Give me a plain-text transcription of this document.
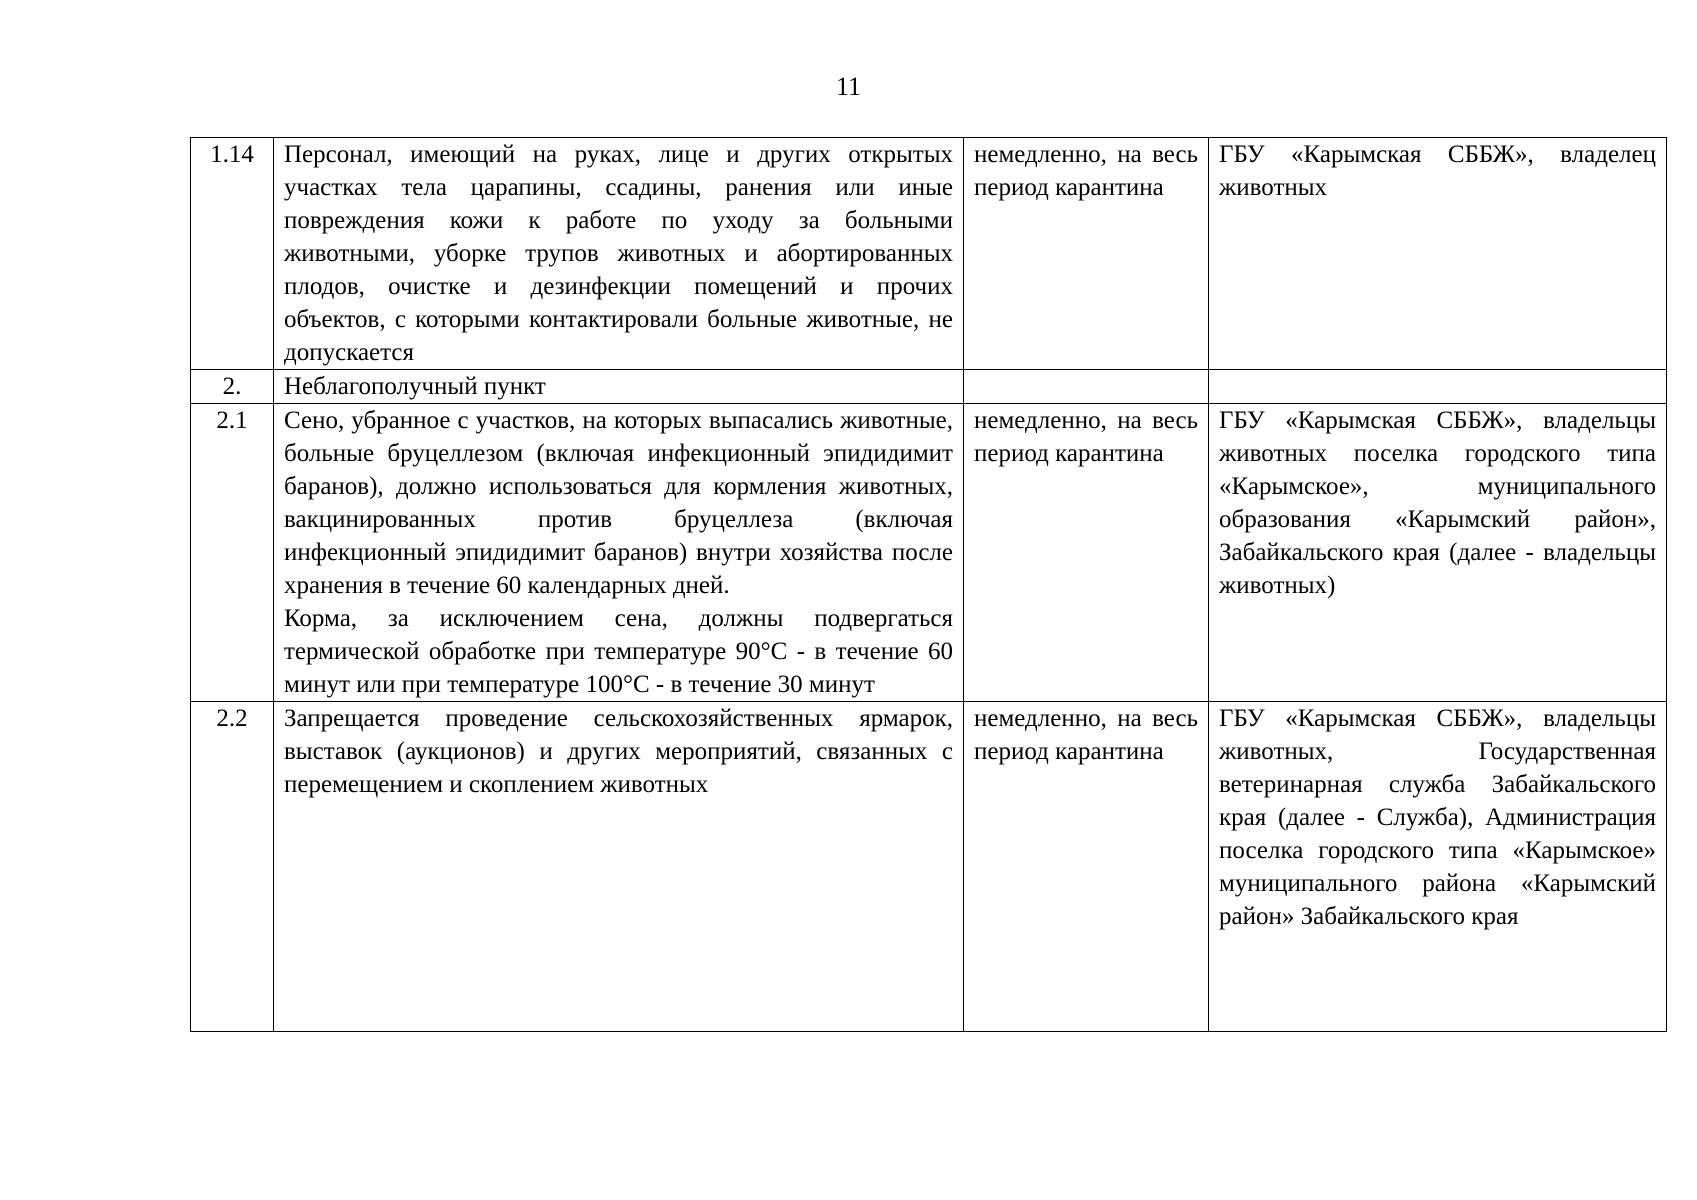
11
1.14	Персонал, имеющий на руках, лице и других открытых участках тела царапины, ссадины, ранения или иные повреждения кожи к работе по уходу за больными животными, уборке трупов животных и абортированных плодов, очистке и дезинфекции помещений и прочих объектов, с которыми контактировали больные животные, не допускается	немедленно, на весь период карантина	ГБУ «Карымская СББЖ», владелец животных
2.	Неблагополучный пункт		

2.1	Сено, убранное с участков, на которых выпасались животные, больные бруцеллезом (включая инфекционный эпидидимит баранов), должно использоваться для кормления животных, вакцинированных против бруцеллеза (включая инфекционный эпидидимит баранов) внутри хозяйства после хранения в течение 60 календарных дней.
Корма, за исключением сена, должны подвергаться термической обработке при температуре 90°С - в течение 60 минут или при температуре 100°С - в течение 30 минут	немедленно, на весь период карантина	ГБУ «Карымская СББЖ», владельцы животных поселка городского типа «Карымское», муниципального образования «Карымский район», Забайкальского края (далее - владельцы животных)
2.2	Запрещается проведение сельскохозяйственных ярмарок, выставок (аукционов) и других мероприятий, связанных с перемещением и скоплением животных	немедленно, на весь период карантина	ГБУ «Карымская СББЖ», владельцы животных, Государственная ветеринарная служба Забайкальского края (далее - Служба), Администрация поселка городского типа «Карымское» муниципального района «Карымский район» Забайкальского края
